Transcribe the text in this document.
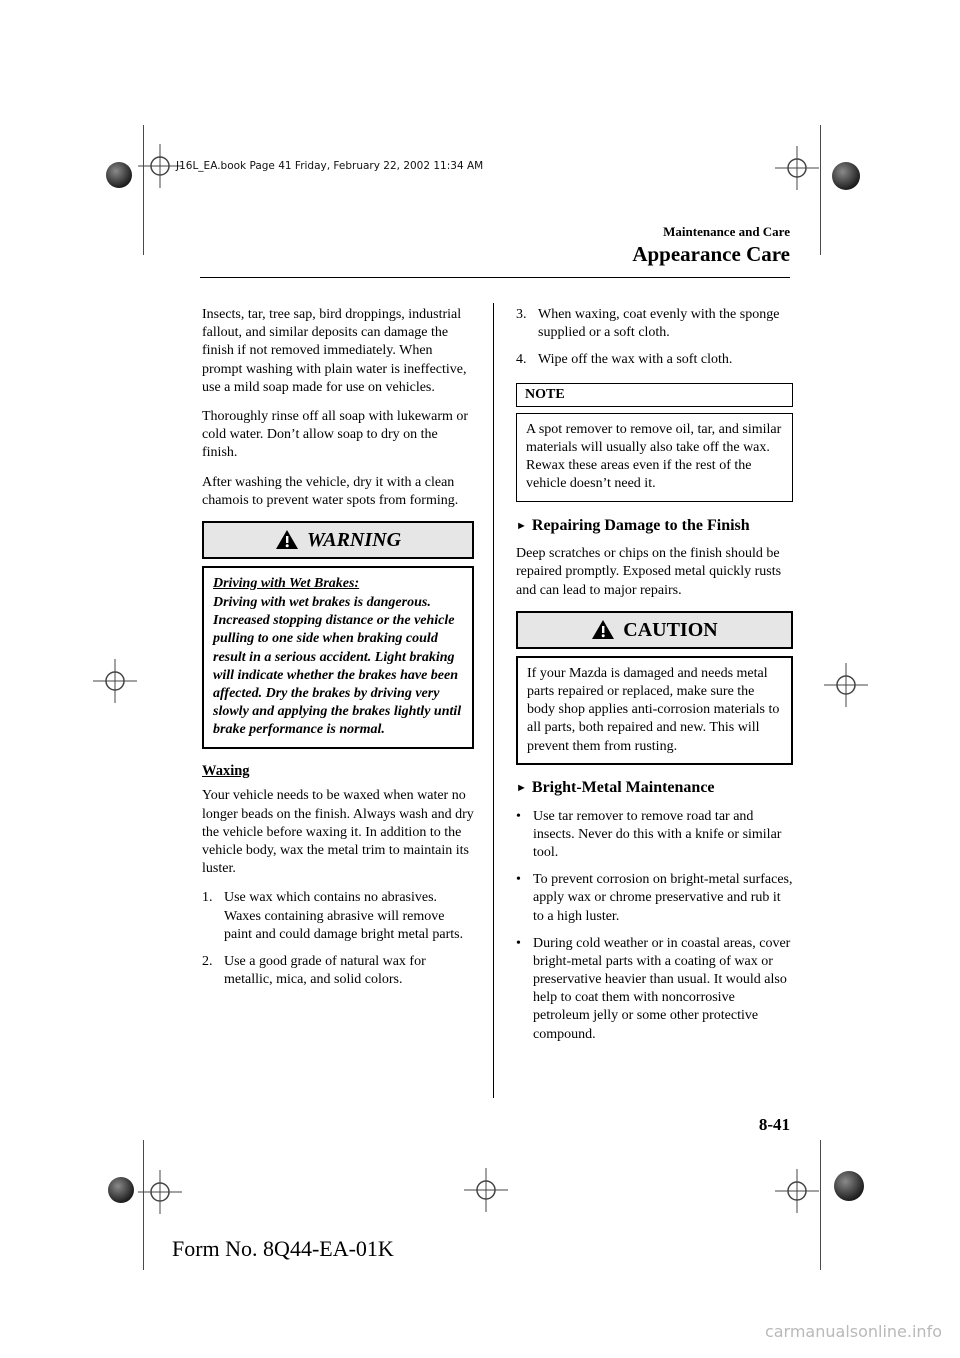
J16L_EA.book Page 41 Friday, February 22, 2002 11:34 AM
Maintenance and Care
Appearance Care

Insects, tar, tree sap, bird droppings, industrial fallout, and similar deposits can damage the finish if not removed immediately. When prompt washing with plain water is ineffective, use a mild soap made for use on vehicles.

Thoroughly rinse off all soap with lukewarm or cold water. Don’t allow soap to dry on the finish.

After washing the vehicle, dry it with a clean chamois to prevent water spots from forming.

WARNING
Driving with Wet Brakes:
Driving with wet brakes is dangerous. Increased stopping distance or the vehicle pulling to one side when braking could result in a serious accident. Light braking will indicate whether the brakes have been affected. Dry the brakes by driving very slowly and applying the brakes lightly until brake performance is normal.
Waxing

Your vehicle needs to be waxed when water no longer beads on the finish. Always wash and dry the vehicle before waxing it. In addition to the vehicle body, wax the metal trim to maintain its luster.

1. Use wax which contains no abrasives. Waxes containing abrasive will remove paint and could damage bright metal parts.
2. Use a good grade of natural wax for metallic, mica, and solid colors.
3. When waxing, coat evenly with the sponge supplied or a soft cloth.
4. Wipe off the wax with a soft cloth.
NOTE
A spot remover to remove oil, tar, and similar materials will usually also take off the wax. Rewax these areas even if the rest of the vehicle doesn’t need it.
► Repairing Damage to the Finish

Deep scratches or chips on the finish should be repaired promptly. Exposed metal quickly rusts and can lead to major repairs.

CAUTION
If your Mazda is damaged and needs metal parts repaired or replaced, make sure the body shop applies anti-corrosion materials to all parts, both repaired and new. This will prevent them from rusting.
► Bright-Metal Maintenance
• Use tar remover to remove road tar and insects. Never do this with a knife or similar tool.
• To prevent corrosion on bright-metal surfaces, apply wax or chrome preservative and rub it to a high luster.
• During cold weather or in coastal areas, cover bright-metal parts with a coating of wax or preservative heavier than usual. It would also help to coat them with noncorrosive petroleum jelly or some other protective compound.
8-41
Form No. 8Q44-EA-01K
carmanualsonline.info
